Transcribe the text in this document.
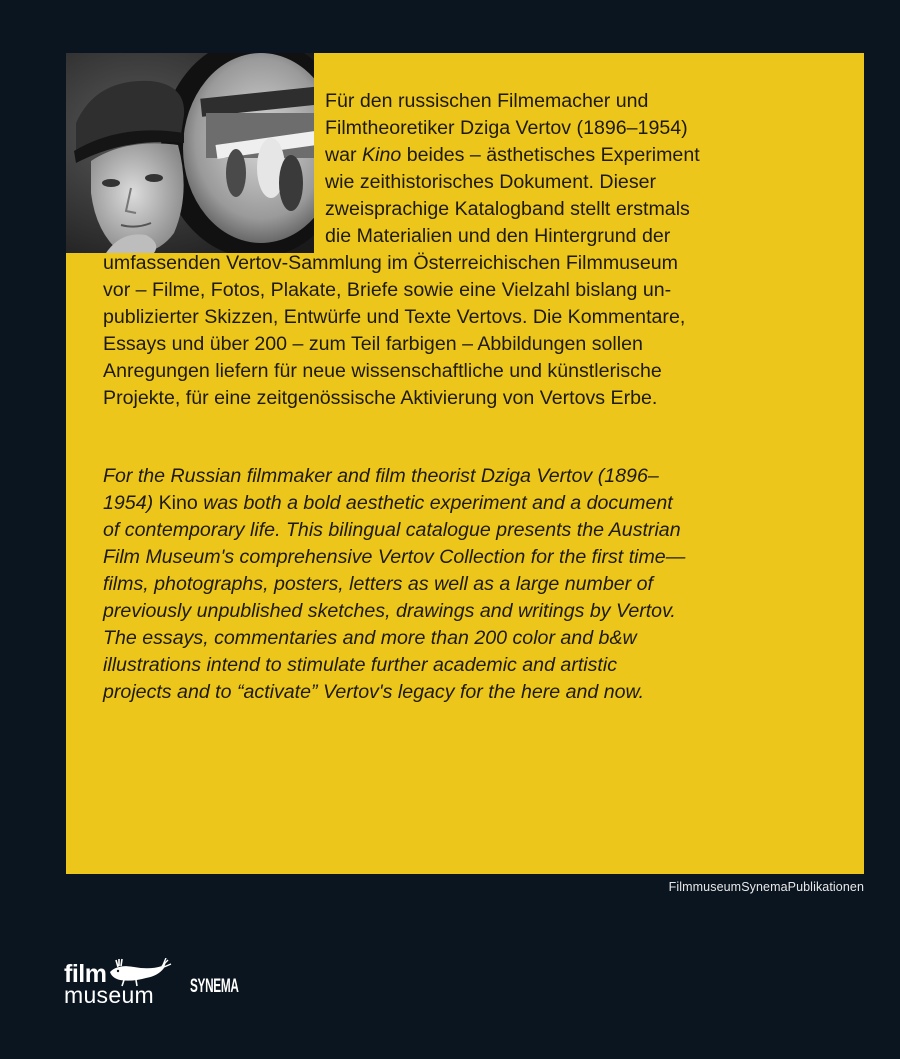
Für den russischen Filmemacher und
Filmtheoretiker Dziga Vertov (1896–1954)
war Kino beides – ästhetisches Experiment
wie zeithistorisches Dokument. Dieser
zweisprachige Katalogband stellt erstmals
die Materialien und den Hintergrund der
umfassenden Vertov-Sammlung im Österreichischen Filmmuseum
vor – Filme, Fotos, Plakate, Briefe sowie eine Vielzahl bislang un-
publizierter Skizzen, Entwürfe und Texte Vertovs. Die Kommentare,
Essays und über 200 – zum Teil farbigen – Abbildungen sollen
Anregungen liefern für neue wissenschaftliche und künstlerische
Projekte, für eine zeitgenössische Aktivierung von Vertovs Erbe.
For the Russian filmmaker and film theorist Dziga Vertov (1896–
1954) Kino was both a bold aesthetic experiment and a document
of contemporary life. This bilingual catalogue presents the Austrian
Film Museum's comprehensive Vertov Collection for the first time—
films, photographs, posters, letters as well as a large number of
previously unpublished sketches, drawings and writings by Vertov.
The essays, commentaries and more than 200 color and b&w
illustrations intend to stimulate further academic and artistic
projects and to “activate” Vertov's legacy for the here and now.
FilmmuseumSynemaPublikationen
film
museum SYNEMA
